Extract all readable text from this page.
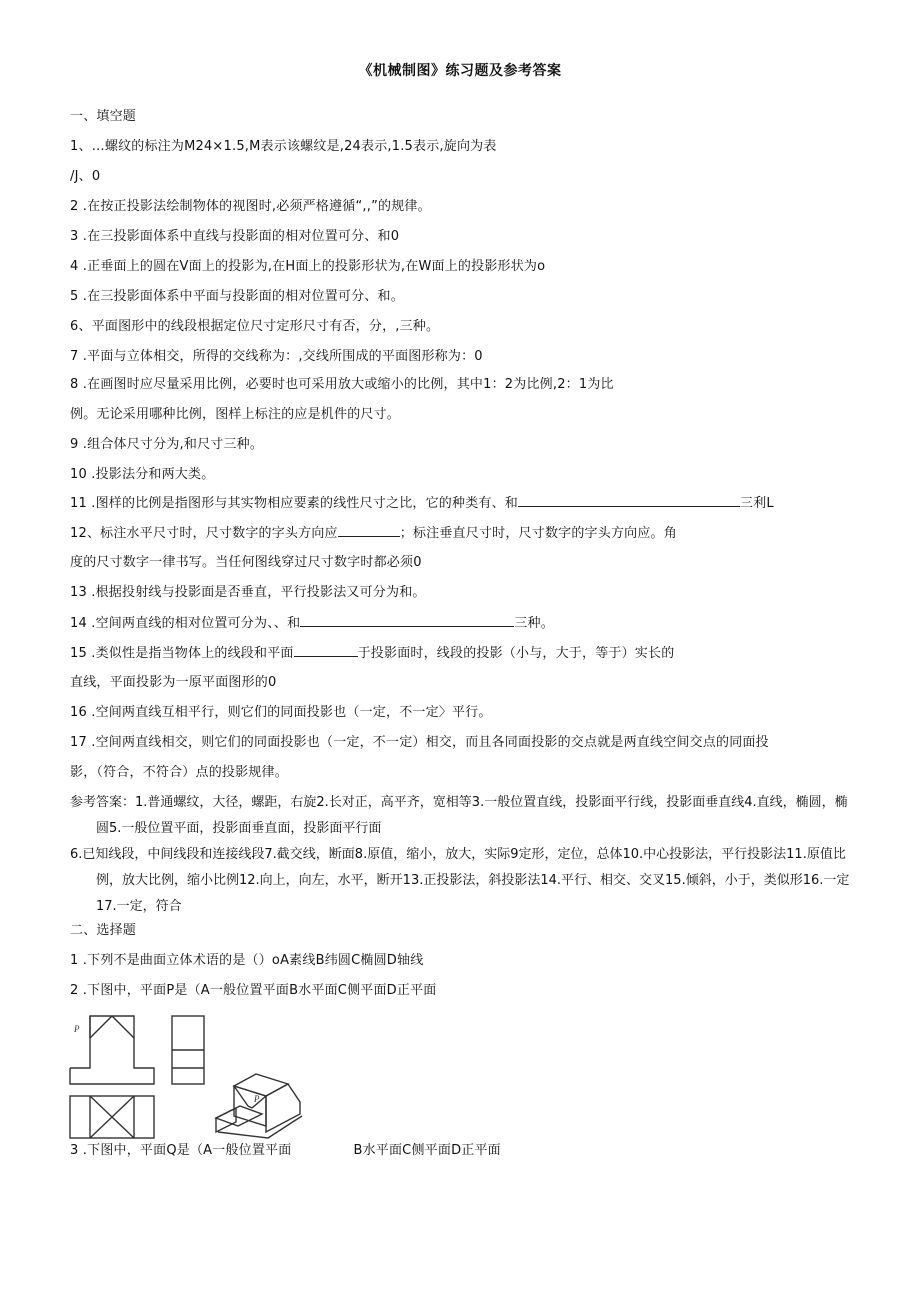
《机械制图》练习题及参考答案
一、填空题
1、…螺纹的标注为M24×1.5,M表示该螺纹是,24表示,1.5表示,旋向为表
/J、0
2 .在按正投影法绘制物体的视图时,必须严格遵循“,,”的规律。
3 .在三投影面体系中直线与投影面的相对位置可分、和0
4 .正垂面上的圆在V面上的投影为,在H面上的投影形状为,在W面上的投影形状为o
5 .在三投影面体系中平面与投影面的相对位置可分、和。
6、平面图形中的线段根据定位尺寸定形尺寸有否，分，,三种。
7 .平面与立体相交，所得的交线称为：,交线所围成的平面图形称为：0
8 .在画图时应尽量采用比例，必要时也可采用放大或缩小的比例，其中1：2为比例,2：1为比
例。无论采用哪种比例，图样上标注的应是机件的尺寸。
9 .组合体尺寸分为,和尺寸三种。
10 .投影法分和两大类。
11 .图样的比例是指图形与其实物相应要素的线性尺寸之比，它的种类有、和	三利L
12、标注水平尺寸时，尺寸数字的字头方向应	；标注垂直尺寸时，尺寸数字的字头方向应。角
度的尺寸数字一律书写。当任何图线穿过尺寸数字时都必须0
13 .根据投射线与投影面是否垂直，平行投影法又可分为和。
14 .空间两直线的相对位置可分为、、和	三种。
15 .类似性是指当物体上的线段和平面	于投影面时，线段的投影（小与，大于，等于）实长的
直线，平面投影为一原平面图形的0
16 .空间两直线互相平行，则它们的同面投影也（一定，不一定〉平行。
17 .空间两直线相交，则它们的同面投影也（一定，不一定）相交，而且各同面投影的交点就是两直线空间交点的同面投
影，（符合，不符合）点的投影规律。

参考答案：1.普通螺纹，大径，螺距，右旋2.长对正，高平齐，宽相等3.一般位置直线，投影面平行线，投影面垂直线4.直线，椭圆，椭圆5.一般位置平面，投影面垂直面，投影面平行面

6.已知线段，中间线段和连接线段7.截交线，断面8.原值，缩小，放大，实际9定形，定位，总体10.中心投影法，平行投影法11.原值比例，放大比例，缩小比例12.向上，向左，水平，断开13.正投影法，斜投影法14.平行、相交、交叉15.倾斜，小于，类似形16.一定17.一定，符合

二、选择题
1 .下列不是曲面立体术语的是（）oA素线B纬圆C椭圆D轴线
2 .下图中，平面P是（A一般位置平面B水平面C侧平面D正平面
P
P
3 .下图中，平面Q是（A一般位置平面	B水平面C侧平面D正平面
